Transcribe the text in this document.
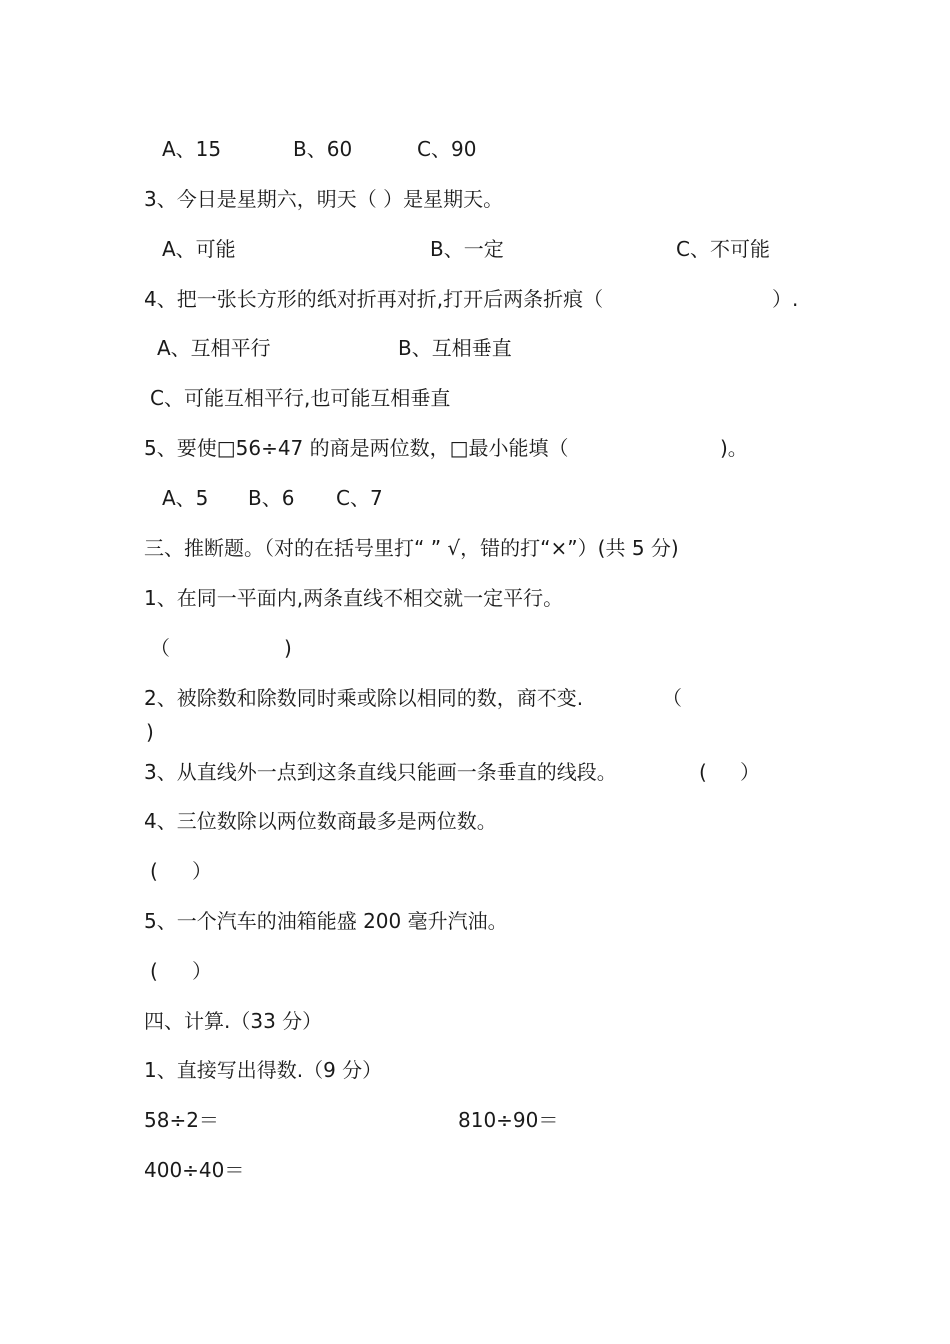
A、15	B、60	C、90
3、今日是星期六，明天（ ）是星期天。
A、可能	B、一定	C、不可能
4、把一张长方形的纸对折再对折,打开后两条折痕（	）.
A、互相平行	B、互相垂直
C、可能互相平行,也可能互相垂直
5、要使□56÷47 的商是两位数，□最小能填（	)。
A、5 B、6 C、7
三、推断题。（对的在括号里打“ ” √，错的打“×”）(共 5 分)
1、在同一平面内,两条直线不相交就一定平行。
（	)
2、被除数和除数同时乘或除以相同的数，商不变.	（
)
3、从直线外一点到这条直线只能画一条垂直的线段。	( ）
4、三位数除以两位数商最多是两位数。
( ）
5、一个汽车的油箱能盛 200 毫升汽油。
( ）
四、计算.（33 分）
1、直接写出得数.（9 分）
58÷2＝	810÷90＝
400÷40＝
